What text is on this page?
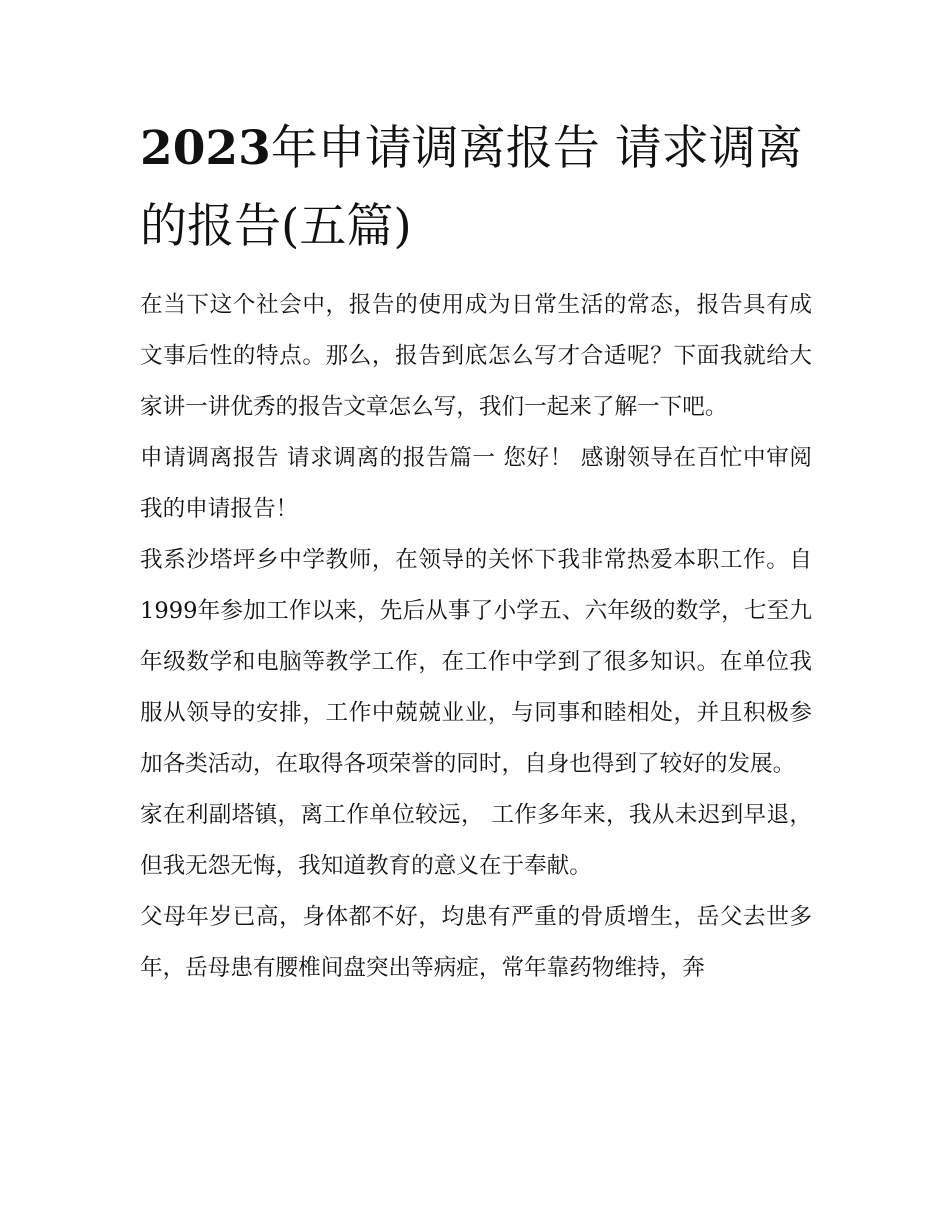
2023年申请调离报告 请求调离的报告(五篇)

在当下这个社会中，报告的使用成为日常生活的常态，报告具有成文事后性的特点。那么，报告到底怎么写才合适呢？下面我就给大家讲一讲优秀的报告文章怎么写，我们一起来了解一下吧。

申请调离报告 请求调离的报告篇一 您好！ 感谢领导在百忙中审阅我的申请报告！

我系沙塔坪乡中学教师，在领导的关怀下我非常热爱本职工作。自1999年参加工作以来，先后从事了小学五、六年级的数学，七至九年级数学和电脑等教学工作，在工作中学到了很多知识。在单位我服从领导的安排，工作中兢兢业业，与同事和睦相处，并且积极参加各类活动，在取得各项荣誉的同时，自身也得到了较好的发展。

家在利副塔镇，离工作单位较远， 工作多年来，我从未迟到早退，但我无怨无悔，我知道教育的意义在于奉献。

父母年岁已高，身体都不好，均患有严重的骨质增生，岳父去世多年，岳母患有腰椎间盘突出等病症，常年靠药物维持，奔
